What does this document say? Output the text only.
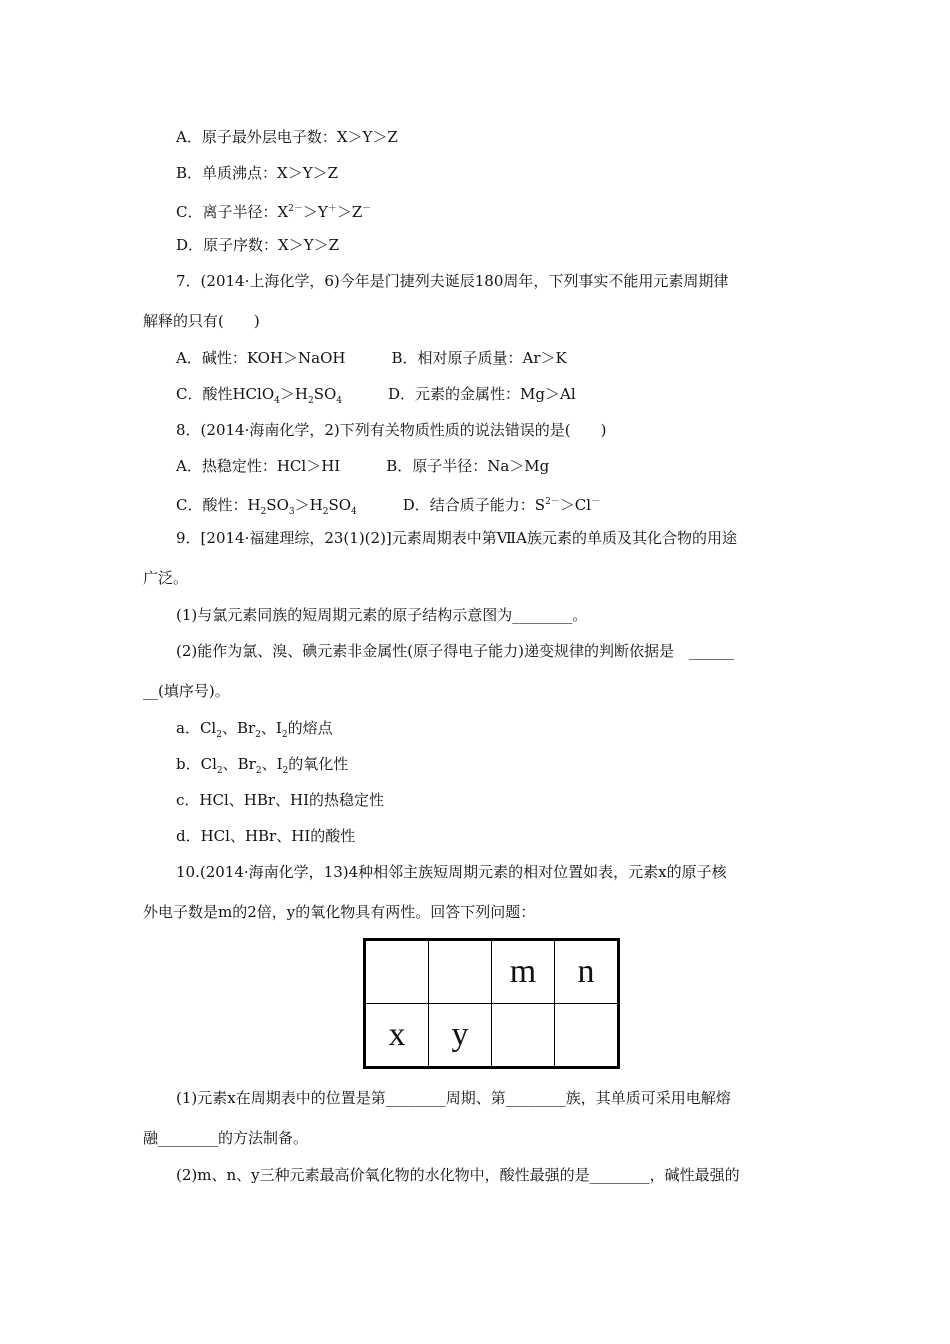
A．原子最外层电子数：X＞Y＞Z
B．单质沸点：X＞Y＞Z
C．离子半径：$X^{2-}>Y^+>Z^-$
D．原子序数：X＞Y＞Z
7．(2014·上海化学，6)今年是门捷列夫诞辰180周年，下列事实不能用元素周期律
解释的只有(　　)
A．碱性：KOH＞NaOH	B．相对原子质量：Ar＞K
C．酸性$HClO_4>H_2SO_4$	D．元素的金属性：Mg＞Al
8．(2014·海南化学，2)下列有关物质性质的说法错误的是(　　)
A．热稳定性：HCl＞HI	B．原子半径：Na＞Mg
C．酸性：$H_2SO_3>H_2SO_4$	D．结合质子能力：$S^{2-}>Cl^-$
9．[2014·福建理综，23(1)(2)]元素周期表中第ⅦA族元素的单质及其化合物的用途
广泛。
(1)与氯元素同族的短周期元素的原子结构示意图为________。
(2)能作为氯、溴、碘元素非金属性(原子得电子能力)递变规律的判断依据是　______
__(填序号)。
a．$Cl_2$、$Br_2$、$I_2$的熔点
b．$Cl_2$、$Br_2$、$I_2$的氧化性
c．HCl、HBr、HI的热稳定性
d．HCl、HBr、HI的酸性
10.(2014·海南化学，13)4种相邻主族短周期元素的相对位置如表，元素x的原子核
外电子数是m的2倍，y的氧化物具有两性。回答下列问题：
		m	n
x	y		
(1)元素x在周期表中的位置是第________周期、第________族，其单质可采用电解熔
融________的方法制备。
(2)m、n、y三种元素最高价氧化物的水化物中，酸性最强的是________，碱性最强的
